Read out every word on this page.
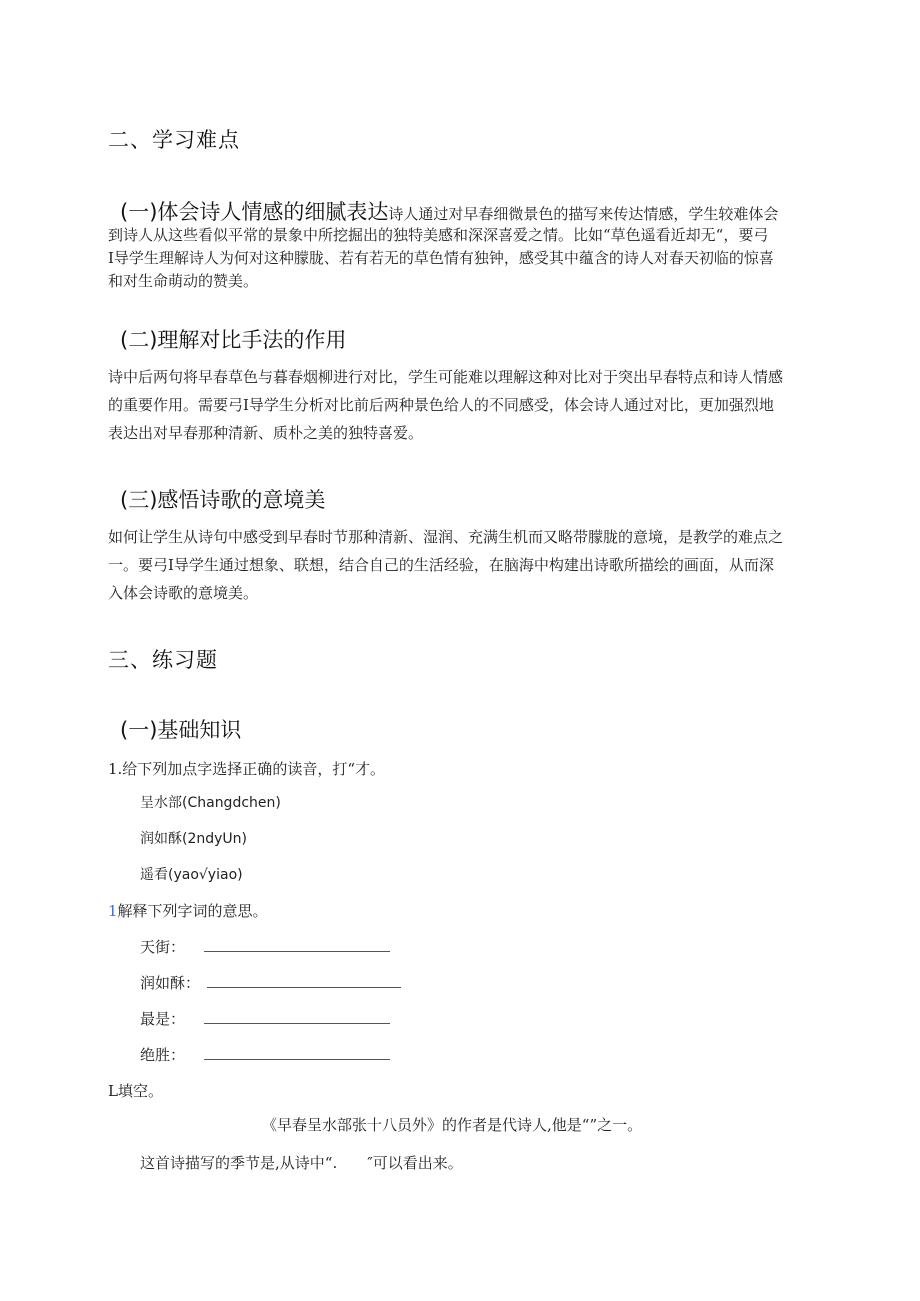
二、学习难点
(一)体会诗人情感的细腻表达诗人通过对早春细微景色的描写来传达情感，学生较难体会
到诗人从这些看似平常的景象中所挖掘出的独特美感和深深喜爱之情。比如“草色遥看近却无“，要弓
I导学生理解诗人为何对这种朦胧、若有若无的草色情有独钟，感受其中蕴含的诗人对春天初临的惊喜
和对生命萌动的赞美。
(二)理解对比手法的作用
诗中后两句将早春草色与暮春烟柳进行对比，学生可能难以理解这种对比对于突出早春特点和诗人情感
的重要作用。需要弓I导学生分析对比前后两种景色给人的不同感受，体会诗人通过对比，更加强烈地
表达出对早春那种清新、质朴之美的独特喜爱。
(三)感悟诗歌的意境美
如何让学生从诗句中感受到早春时节那种清新、湿润、充满生机而又略带朦胧的意境，是教学的难点之
一。要弓I导学生通过想象、联想，结合自己的生活经验，在脑海中构建出诗歌所描绘的画面，从而深
入体会诗歌的意境美。
三、练习题
(一)基础知识
1.给下列加点字选择正确的读音，打“才。
呈水部(Changdchen)
润如酥(2ndyUn)
遥看(yao√yiao)
1解释下列字词的意思。
天街：
润如酥：
最是：
绝胜：
L填空。
《早春呈水部张十八员外》的作者是代诗人,他是“”之一。
这首诗描写的季节是,从诗中“.　　″可以看出来。
